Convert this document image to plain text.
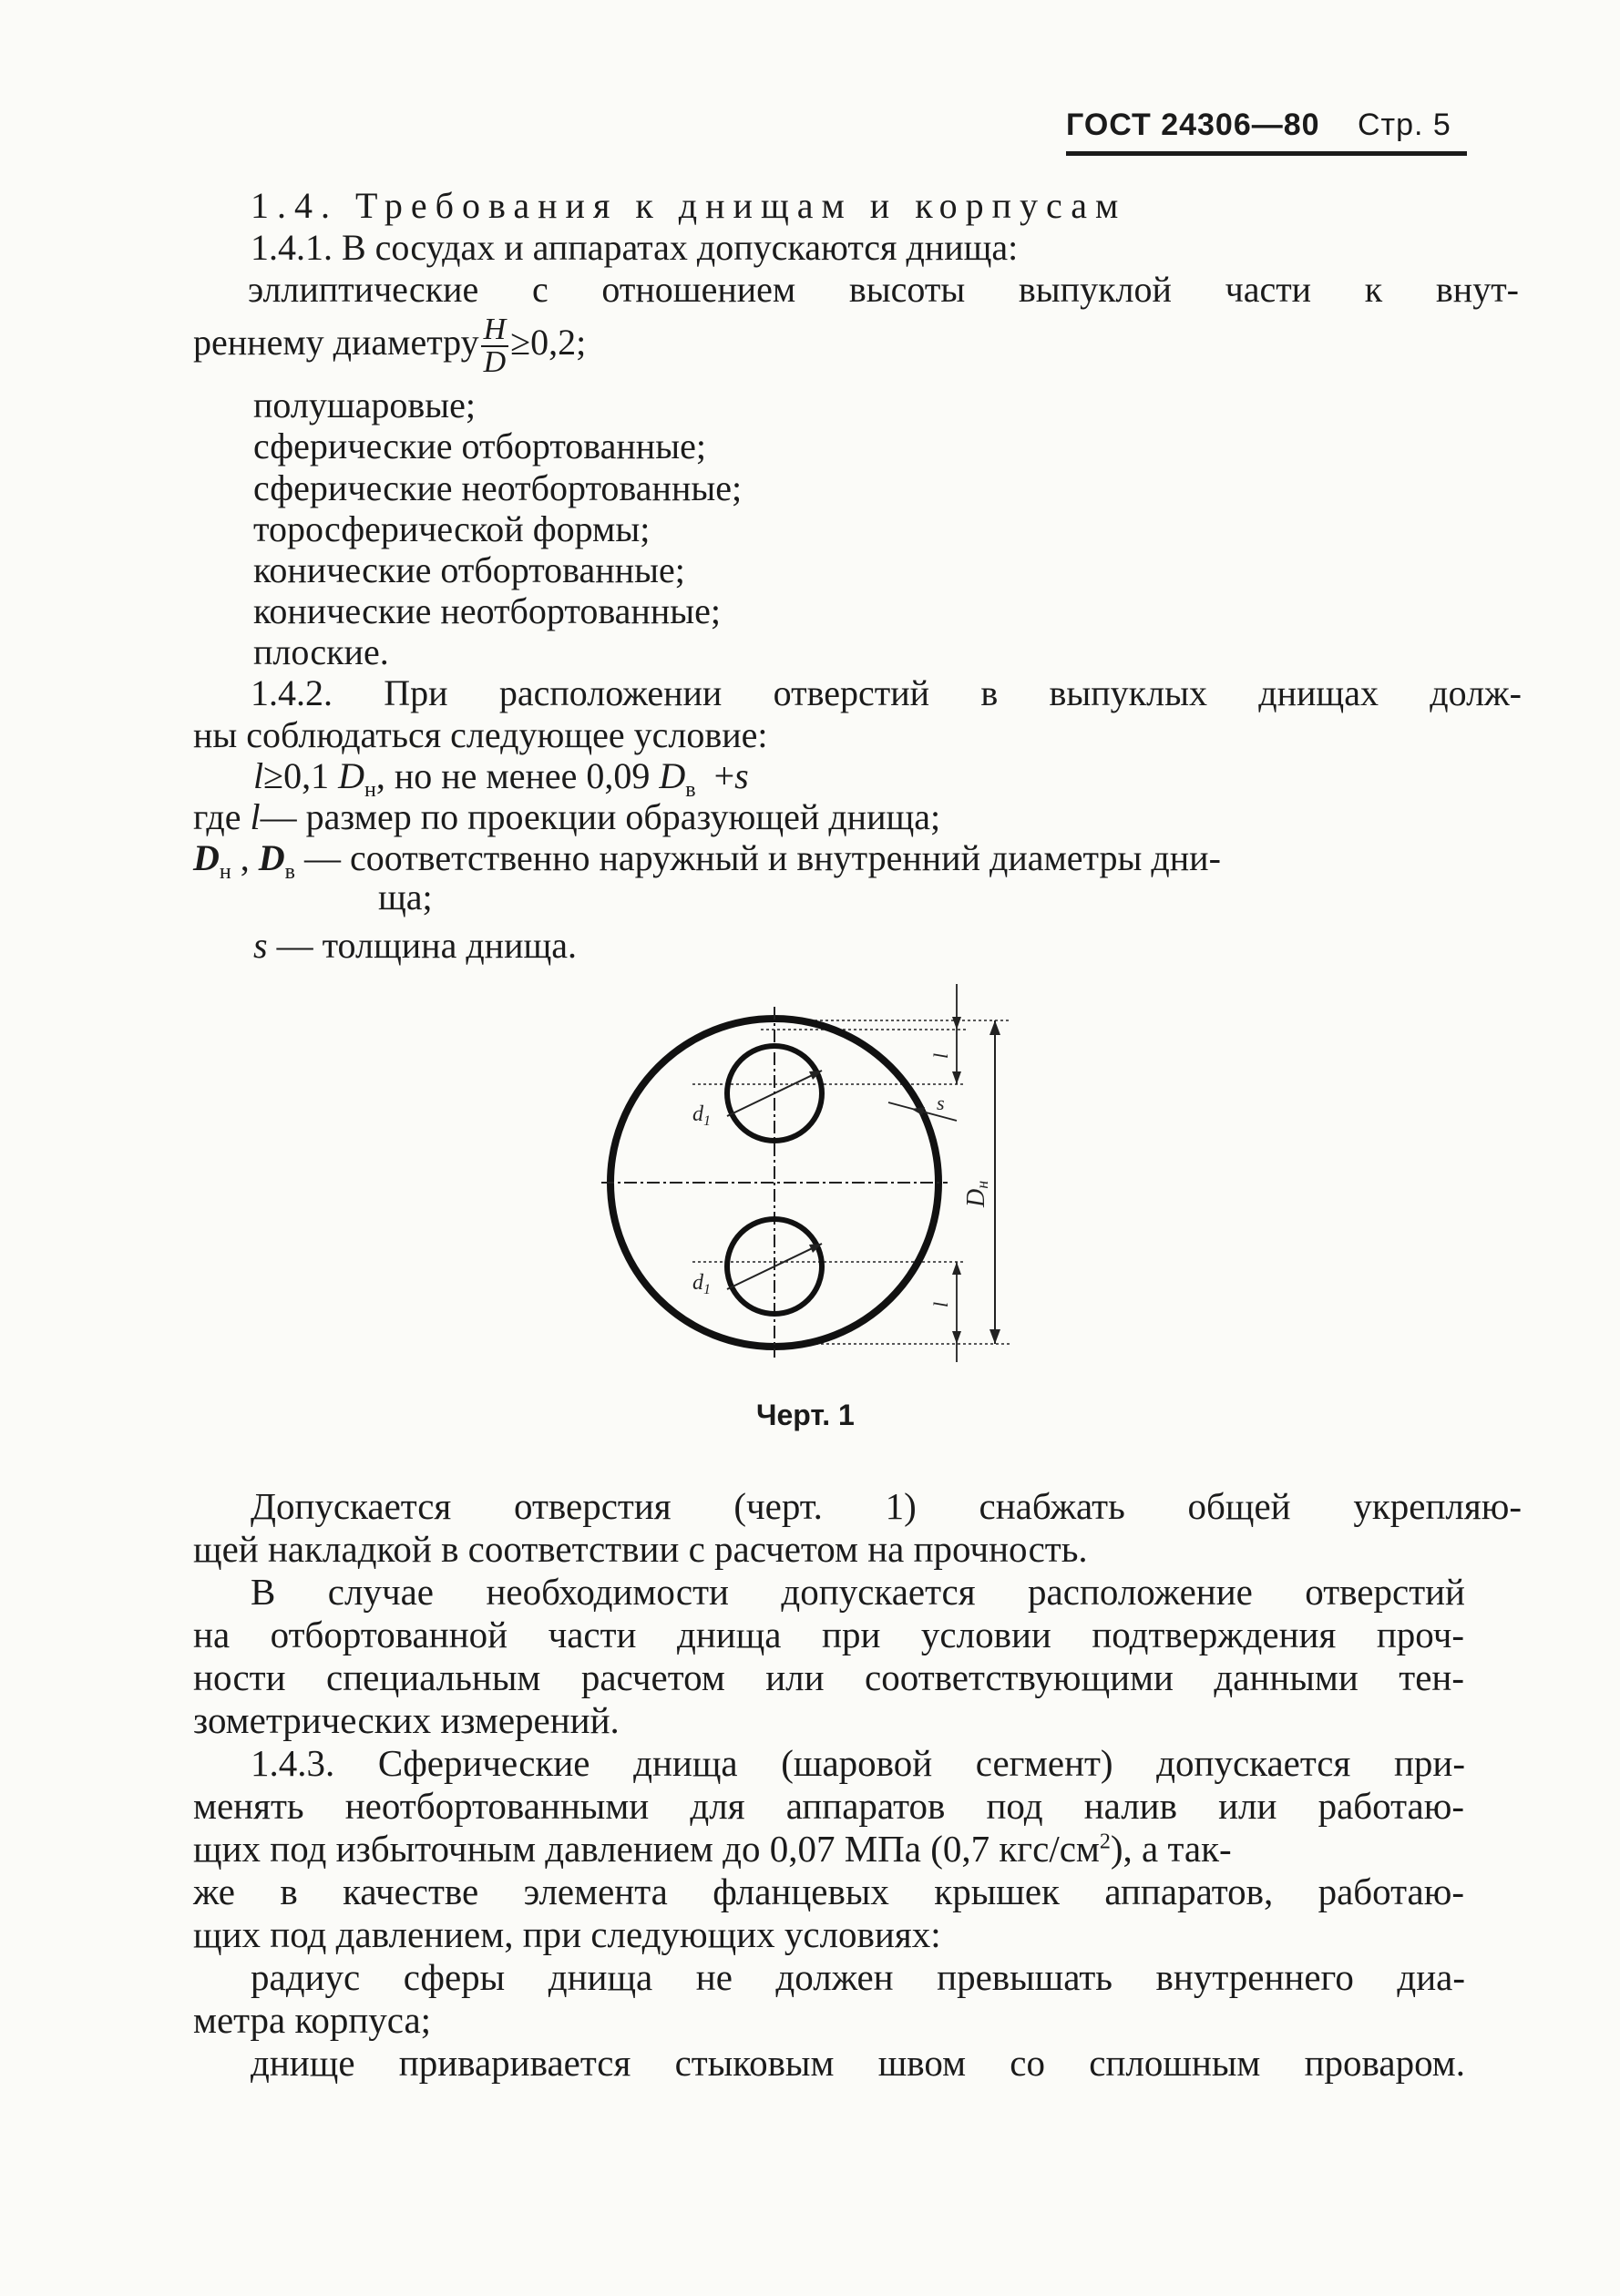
ГОСТ 24306—80 Стр. 5
1.4. Требования к днищам и корпусам
1.4.1. В сосудах и аппаратах допускаются днища:
эллиптические с отношением высоты выпуклой части к внут-
реннему диаметру $\frac{H}{D} \ge 0,2$;
полушаровые;
сферические отбортованные;
сферические неотбортованные;
торосферической формы;
конические отбортованные;
конические неотбортованные;
плоские.
1.4.2. При расположении отверстий в выпуклых днищах долж-
ны соблюдаться следующее условие:
l≥0,1 $D_н$, но не менее 0,09 $D_в +s$
где l— размер по проекции образующей днища;
$D_н$ , $D_в$ — соответственно наружный и внутренний диаметры дни-
ща;
s — толщина днища.
$d_1$
$d_1$
Dн
s
l
l
Черт. 1
Допускается отверстия (черт. 1) снабжать общей укрепляю-
щей накладкой в соответствии с расчетом на прочность.
В случае необходимости допускается расположение отверстий
на отбортованной части днища при условии подтверждения проч-
ности специальным расчетом или соответствующими данными тен-
зометрических измерений.
1.4.3. Сферические днища (шаровой сегмент) допускается при-
менять неотбортованными для аппаратов под налив или работаю-
щих под избыточным давлением до 0,07 МПа (0,7 кгс/$см^2$), а так-
же в качестве элемента фланцевых крышек аппаратов, работаю-
щих под давлением, при следующих условиях:
радиус сферы днища не должен превышать внутреннего диа-
метра корпуса;
днище приваривается стыковым швом со сплошным проваром.
